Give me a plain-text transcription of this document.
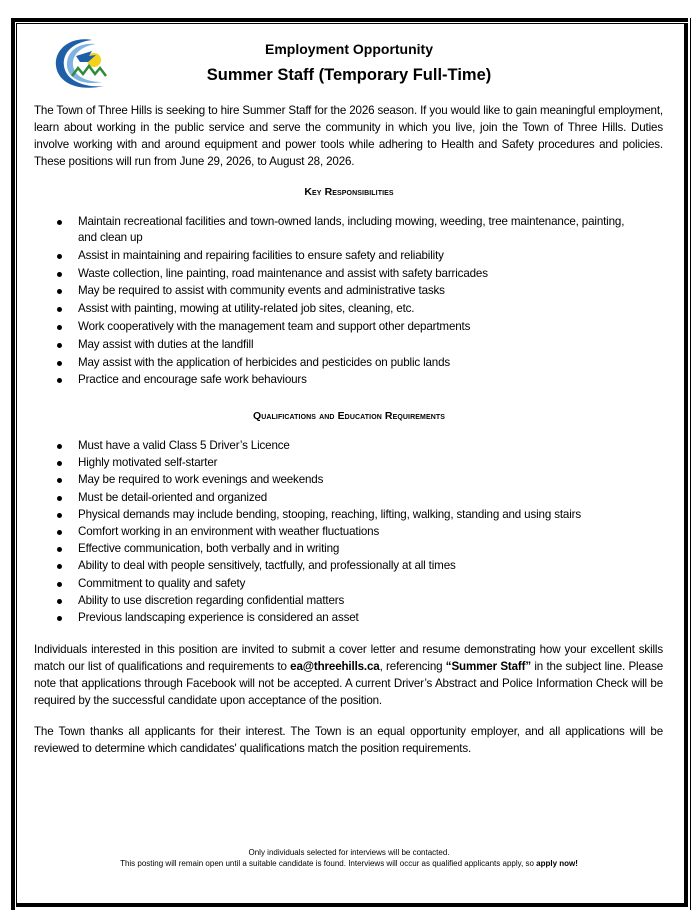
Employment Opportunity
Summer Staff (Temporary Full-Time)
The Town of Three Hills is seeking to hire Summer Staff for the 2026 season. If you would like to gain meaningful employment, learn about working in the public service and serve the community in which you live, join the Town of Three Hills. Duties involve working with and around equipment and power tools while adhering to Health and Safety procedures and policies. These positions will run from June 29, 2026, to August 28, 2026.
Key Responsibilities
Maintain recreational facilities and town-owned lands, including mowing, weeding, tree maintenance, painting, and clean up
Assist in maintaining and repairing facilities to ensure safety and reliability
Waste collection, line painting, road maintenance and assist with safety barricades
May be required to assist with community events and administrative tasks
Assist with painting, mowing at utility-related job sites, cleaning, etc.
Work cooperatively with the management team and support other departments
May assist with duties at the landfill
May assist with the application of herbicides and pesticides on public lands
Practice and encourage safe work behaviours
Qualifications and Education Requirements
Must have a valid Class 5 Driver’s Licence
Highly motivated self-starter
May be required to work evenings and weekends
Must be detail-oriented and organized
Physical demands may include bending, stooping, reaching, lifting, walking, standing and using stairs
Comfort working in an environment with weather fluctuations
Effective communication, both verbally and in writing
Ability to deal with people sensitively, tactfully, and professionally at all times
Commitment to quality and safety
Ability to use discretion regarding confidential matters
Previous landscaping experience is considered an asset
Individuals interested in this position are invited to submit a cover letter and resume demonstrating how your excellent skills match our list of qualifications and requirements to ea@threehills.ca, referencing “Summer Staff” in the subject line. Please note that applications through Facebook will not be accepted. A current Driver’s Abstract and Police Information Check will be required by the successful candidate upon acceptance of the position.
The Town thanks all applicants for their interest. The Town is an equal opportunity employer, and all applications will be reviewed to determine which candidates' qualifications match the position requirements.
Only individuals selected for interviews will be contacted.
This posting will remain open until a suitable candidate is found. Interviews will occur as qualified applicants apply, so apply now!
